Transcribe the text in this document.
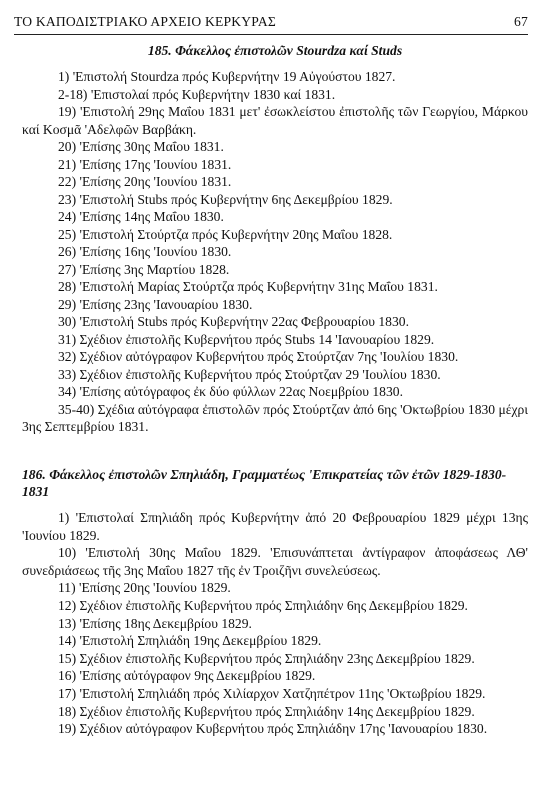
ΤΟ ΚΑΠΟΔΙΣΤΡΙΑΚΟ ΑΡΧΕΙΟ ΚΕΡΚΥΡΑΣ	67
185. Φάκελλος ἐπιστολῶν Stourdza καί Studs
1) 'Επιστολή Stourdza πρός Κυβερνήτην 19 Αὐγούστου 1827.
2-18) 'Επιστολαί πρός Κυβερνήτην 1830 καί 1831.
19) 'Επιστολή 29ης Μαΐου 1831 μετ' ἐσωκλείστου ἐπιστολῆς τῶν Γεωργίου, Μάρκου καί Κοσμᾶ 'Αδελφῶν Βαρβάκη.
20) 'Επίσης 30ης Μαΐου 1831.
21) 'Επίσης 17ης 'Ιουνίου 1831.
22) 'Επίσης 20ης 'Ιουνίου 1831.
23) 'Επιστολή Stubs πρός Κυβερνήτην 6ης Δεκεμβρίου 1829.
24) 'Επίσης 14ης Μαΐου 1830.
25) 'Επιστολή Στούρτζα πρός Κυβερνήτην 20ης Μαΐου 1828.
26) 'Επίσης 16ης 'Ιουνίου 1830.
27) 'Επίσης 3ης Μαρτίου 1828.
28) 'Επιστολή Μαρίας Στούρτζα πρός Κυβερνήτην 31ης Μαΐου 1831.
29) 'Επίσης 23ης 'Ιανουαρίου 1830.
30) 'Επιστολή Stubs πρός Κυβερνήτην 22ας Φεβρουαρίου 1830.
31) Σχέδιον ἐπιστολῆς Κυβερνήτου πρός Stubs 14 'Ιανουαρίου 1829.
32) Σχέδιον αὐτόγραφον Κυβερνήτου πρός Στούρτζαν 7ης 'Ιουλίου 1830.
33) Σχέδιον ἐπιστολῆς Κυβερνήτου πρός Στούρτζαν 29 'Ιουλίου 1830.
34) 'Επίσης αὐτόγραφος ἐκ δύο φύλλων 22ας Νοεμβρίου 1830.
35-40) Σχέδια αὐτόγραφα ἐπιστολῶν πρός Στούρτζαν ἀπό 6ης 'Οκτωβρίου 1830 μέχρι 3ης Σεπτεμβρίου 1831.
186. Φάκελλος ἐπιστολῶν Σπηλιάδη, Γραμματέως 'Επικρατείας τῶν ἐτῶν 1829-1830-1831
1) 'Επιστολαί Σπηλιάδη πρός Κυβερνήτην ἀπό 20 Φεβρουαρίου 1829 μέχρι 13ης 'Ιουνίου 1829.
10) 'Επιστολή 30ης Μαΐου 1829. 'Επισυνάπτεται ἀντίγραφον ἀποφάσεως ΛΘ' συνεδριάσεως τῆς 3ης Μαΐου 1827 τῆς ἐν Τροιζῆνι συνελεύσεως.
11) 'Επίσης 20ης 'Ιουνίου 1829.
12) Σχέδιον ἐπιστολῆς Κυβερνήτου πρός Σπηλιάδην 6ης Δεκεμβρίου 1829.
13) 'Επίσης 18ης Δεκεμβρίου 1829.
14) 'Επιστολή Σπηλιάδη 19ης Δεκεμβρίου 1829.
15) Σχέδιον ἐπιστολῆς Κυβερνήτου πρός Σπηλιάδην 23ης Δεκεμβρίου 1829.
16) 'Επίσης αὐτόγραφον 9ης Δεκεμβρίου 1829.
17) 'Επιστολή Σπηλιάδη πρός Χιλίαρχον Χατζηπέτρον 11ης 'Οκτωβρίου 1829.
18) Σχέδιον ἐπιστολῆς Κυβερνήτου πρός Σπηλιάδην 14ης Δεκεμβρίου 1829.
19) Σχέδιον αὐτόγραφον Κυβερνήτου πρός Σπηλιάδην 17ης 'Ιανουαρίου 1830.
